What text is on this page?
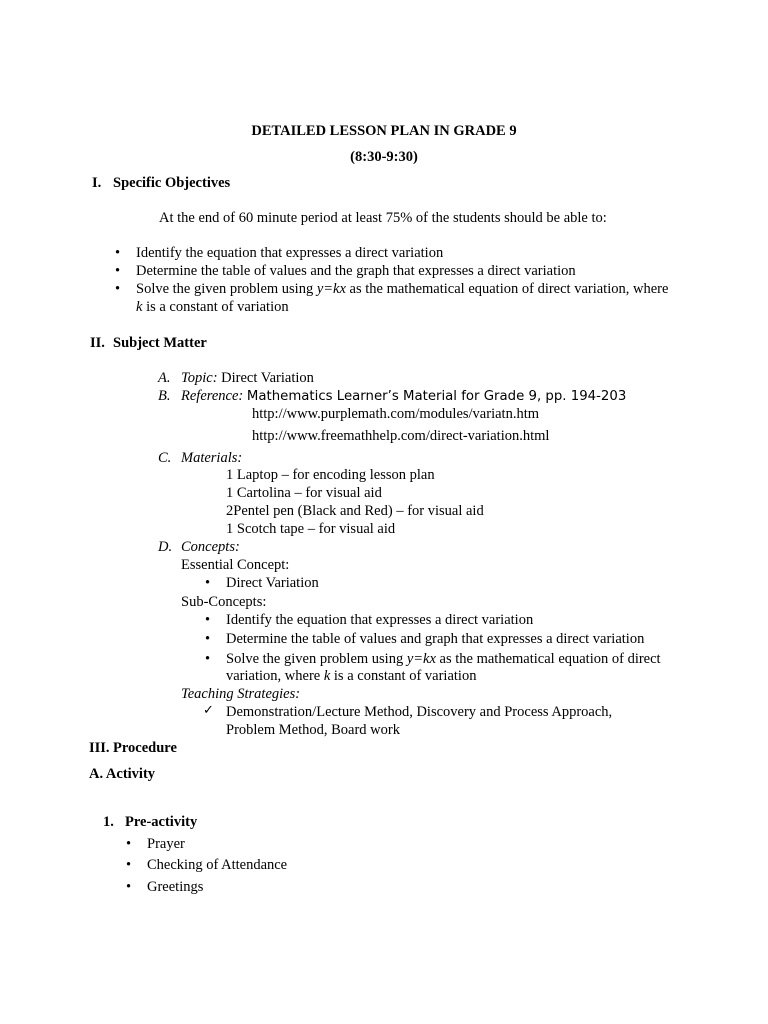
DETAILED LESSON PLAN IN GRADE 9
(8:30-9:30)
I. Specific Objectives
At the end of 60 minute period at least 75% of the students should be able to:
• Identify the equation that expresses a direct variation
• Determine the table of values and the graph that expresses a direct variation
• Solve the given problem using y=kx as the mathematical equation of direct variation, where
k is a constant of variation
II. Subject Matter
A. Topic: Direct Variation
B. Reference: Mathematics Learner’s Material for Grade 9, pp. 194-203
http://www.purplemath.com/modules/variatn.htm
http://www.freemathhelp.com/direct-variation.html
C. Materials:
1 Laptop – for encoding lesson plan
1 Cartolina – for visual aid
2Pentel pen (Black and Red) – for visual aid
1 Scotch tape – for visual aid
D. Concepts:
Essential Concept:
• Direct Variation
Sub-Concepts:
• Identify the equation that expresses a direct variation
• Determine the table of values and graph that expresses a direct variation
• Solve the given problem using y=kx as the mathematical equation of direct
variation, where k is a constant of variation
Teaching Strategies:
✓ Demonstration/Lecture Method, Discovery and Process Approach,
Problem Method, Board work
III. Procedure
A. Activity
1. Pre-activity
• Prayer
• Checking of Attendance
• Greetings
